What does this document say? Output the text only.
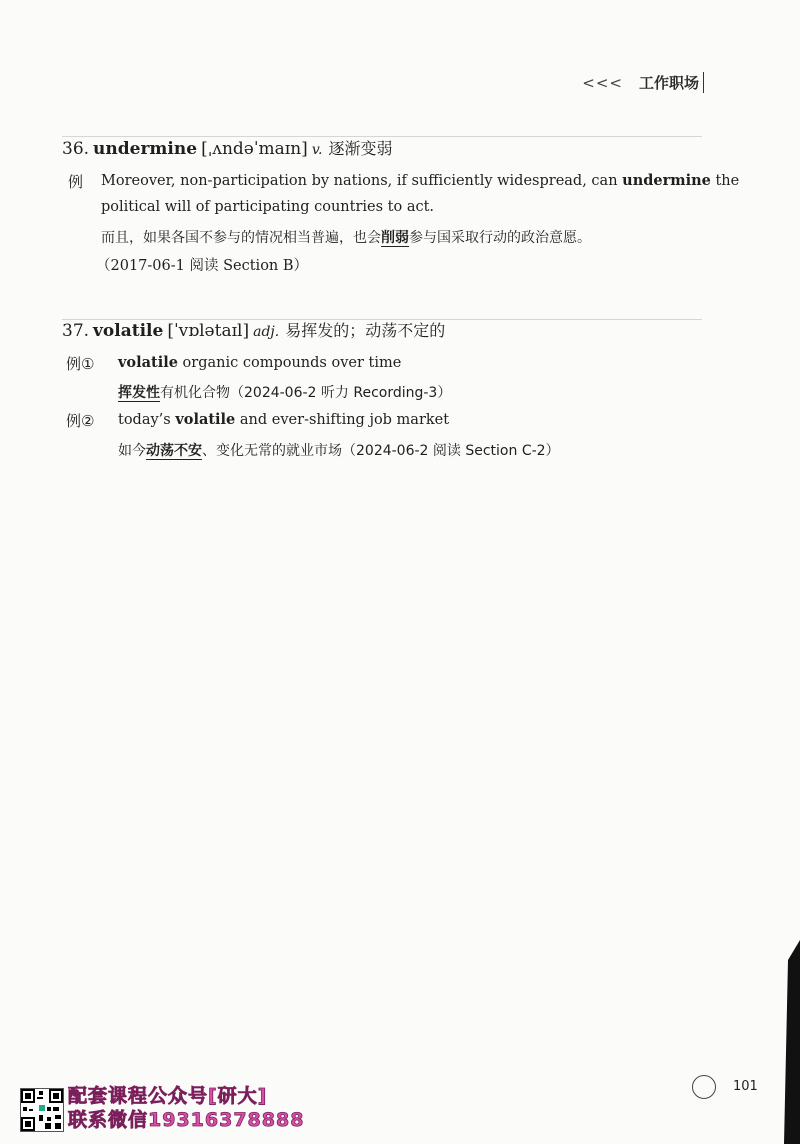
<<< 工作职场
36. undermine [ˌʌndəˈmaɪn] v. 逐渐变弱
例 Moreover, non-participation by nations, if sufficiently widespread, can undermine the
political will of participating countries to act.
而且，如果各国不参与的情况相当普遍，也会削弱参与国采取行动的政治意愿。
（2017-06-1 阅读 Section B）
37. volatile [ˈvɒlətaɪl] adj. 易挥发的；动荡不定的
例① volatile organic compounds over time
挥发性有机化合物（2024-06-2 听力 Recording-3）
例② today’s volatile and ever-shifting job market
如今动荡不安、变化无常的就业市场（2024-06-2 阅读 Section C-2）
101
配套课程公众号[研大]
联系微信19316378888
